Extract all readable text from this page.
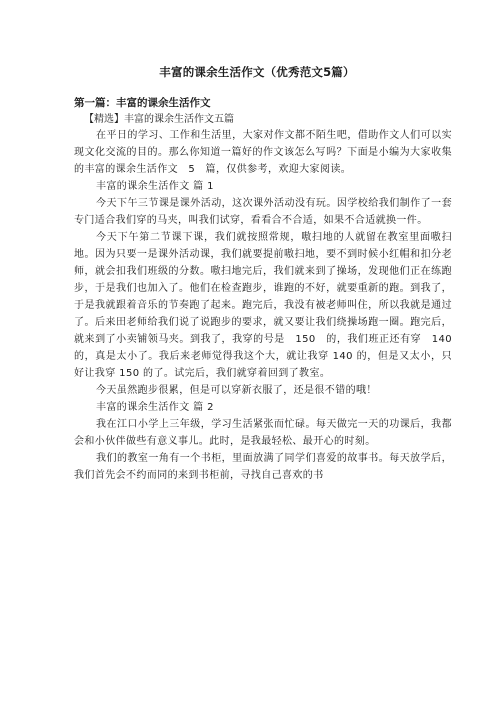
丰富的课余生活作文（优秀范文5篇）
第一篇：丰富的课余生活作文
【精选】丰富的课余生活作文五篇

在平日的学习、工作和生活里，大家对作文都不陌生吧，借助作文人们可以实现文化交流的目的。那么你知道一篇好的作文该怎么写吗？下面是小编为大家收集的丰富的课余生活作文　5　篇，仅供参考，欢迎大家阅读。

丰富的课余生活作文 篇 1

今天下午三节课是课外活动，这次课外活动没有玩。因学校给我们制作了一套专门适合我们穿的马夹，叫我们试穿，看看合不合适，如果不合适就换一件。

今天下午第二节课下课，我们就按照常规，嗷扫地的人就留在教室里面嗷扫地。因为只要一是课外活动课，我们就要提前嗷扫地，要不到时候小红帽和扣分老师，就会扣我们班级的分数。嗷扫地完后，我们就来到了操场，发现他们正在练跑步，于是我们也加入了。他们在检查跑步，谁跑的不好，就要重新的跑。到我了，于是我就跟着音乐的节奏跑了起来。跑完后，我没有被老师叫住，所以我就是通过了。后来田老师给我们说了说跑步的要求，就又要让我们绕操场跑一圈。跑完后，就来到了小卖铺领马夹。到我了，我穿的号是　150　的，我们班正还有穿　140　的，真是太小了。我后来老师觉得我这个大，就让我穿 140 的，但是又太小，只好让我穿 150 的了。试完后，我们就穿着回到了教室。

今天虽然跑步很累，但是可以穿新衣服了，还是很不错的哦！

丰富的课余生活作文 篇 2

我在江口小学上三年级，学习生活紧张而忙碌。每天做完一天的功课后，我都会和小伙伴做些有意义事儿。此时，是我最轻松、最开心的时刻。

我们的教室一角有一个书柜，里面放满了同学们喜爱的故事书。每天放学后，我们首先会不约而同的来到书柜前，寻找自己喜欢的书
